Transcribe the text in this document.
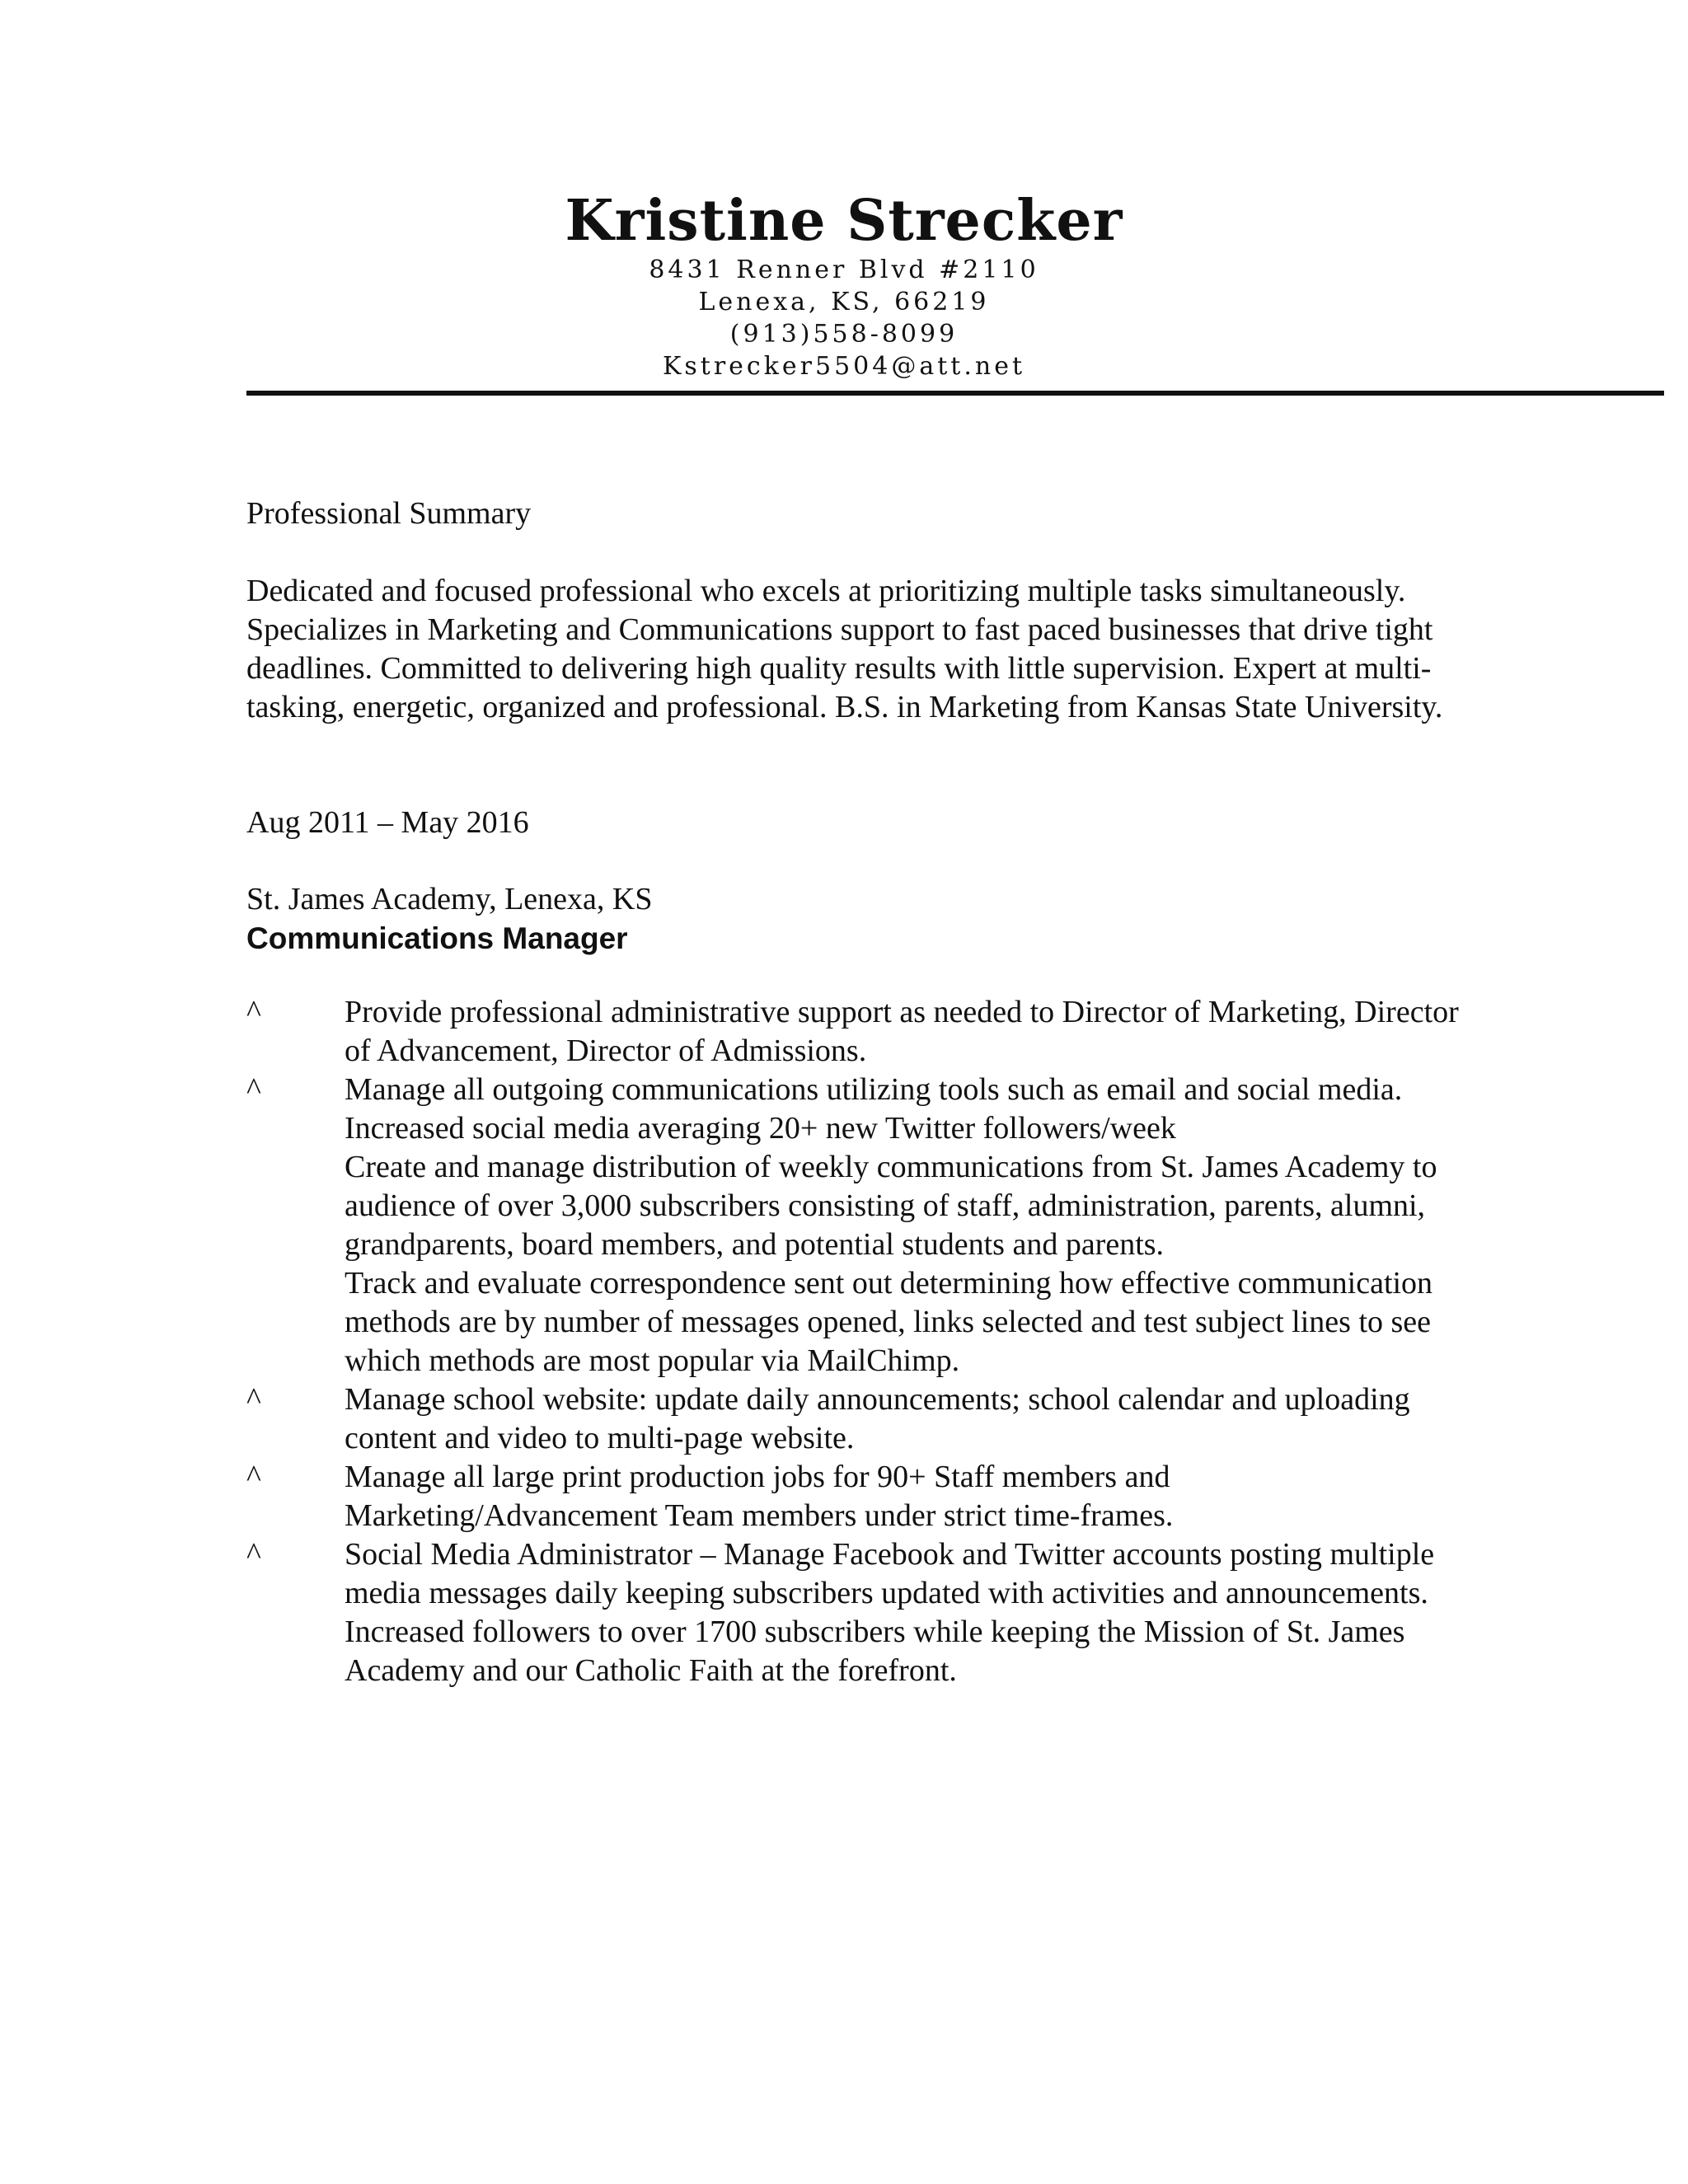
Kristine Strecker
8431 Renner Blvd #2110
Lenexa, KS, 66219
(913)558-8099
Kstrecker5504@att.net
Professional Summary
Dedicated and focused professional who excels at prioritizing multiple tasks simultaneously. Specializes in Marketing and Communications support to fast paced businesses that drive tight deadlines. Committed to delivering high quality results with little supervision. Expert at multi-tasking, energetic, organized and professional. B.S. in Marketing from Kansas State University.
Aug 2011 – May 2016
St. James Academy, Lenexa, KS
Communications Manager
^	Provide professional administrative support as needed to Director of Marketing, Director of Advancement, Director of Admissions.
^	Manage all outgoing communications utilizing tools such as email and social media. Increased social media averaging 20+ new Twitter followers/week
Create and manage distribution of weekly communications from St. James Academy to audience of over 3,000 subscribers consisting of staff, administration, parents, alumni, grandparents, board members, and potential students and parents.
Track and evaluate correspondence sent out determining how effective communication methods are by number of messages opened, links selected and test subject lines to see which methods are most popular via MailChimp.
^	Manage school website: update daily announcements; school calendar and uploading content and video to multi-page website.
^	Manage all large print production jobs for 90+ Staff members and Marketing/Advancement Team members under strict time-frames.
^	Social Media Administrator – Manage Facebook and Twitter accounts posting multiple media messages daily keeping subscribers updated with activities and announcements. Increased followers to over 1700 subscribers while keeping the Mission of St. James Academy and our Catholic Faith at the forefront.
